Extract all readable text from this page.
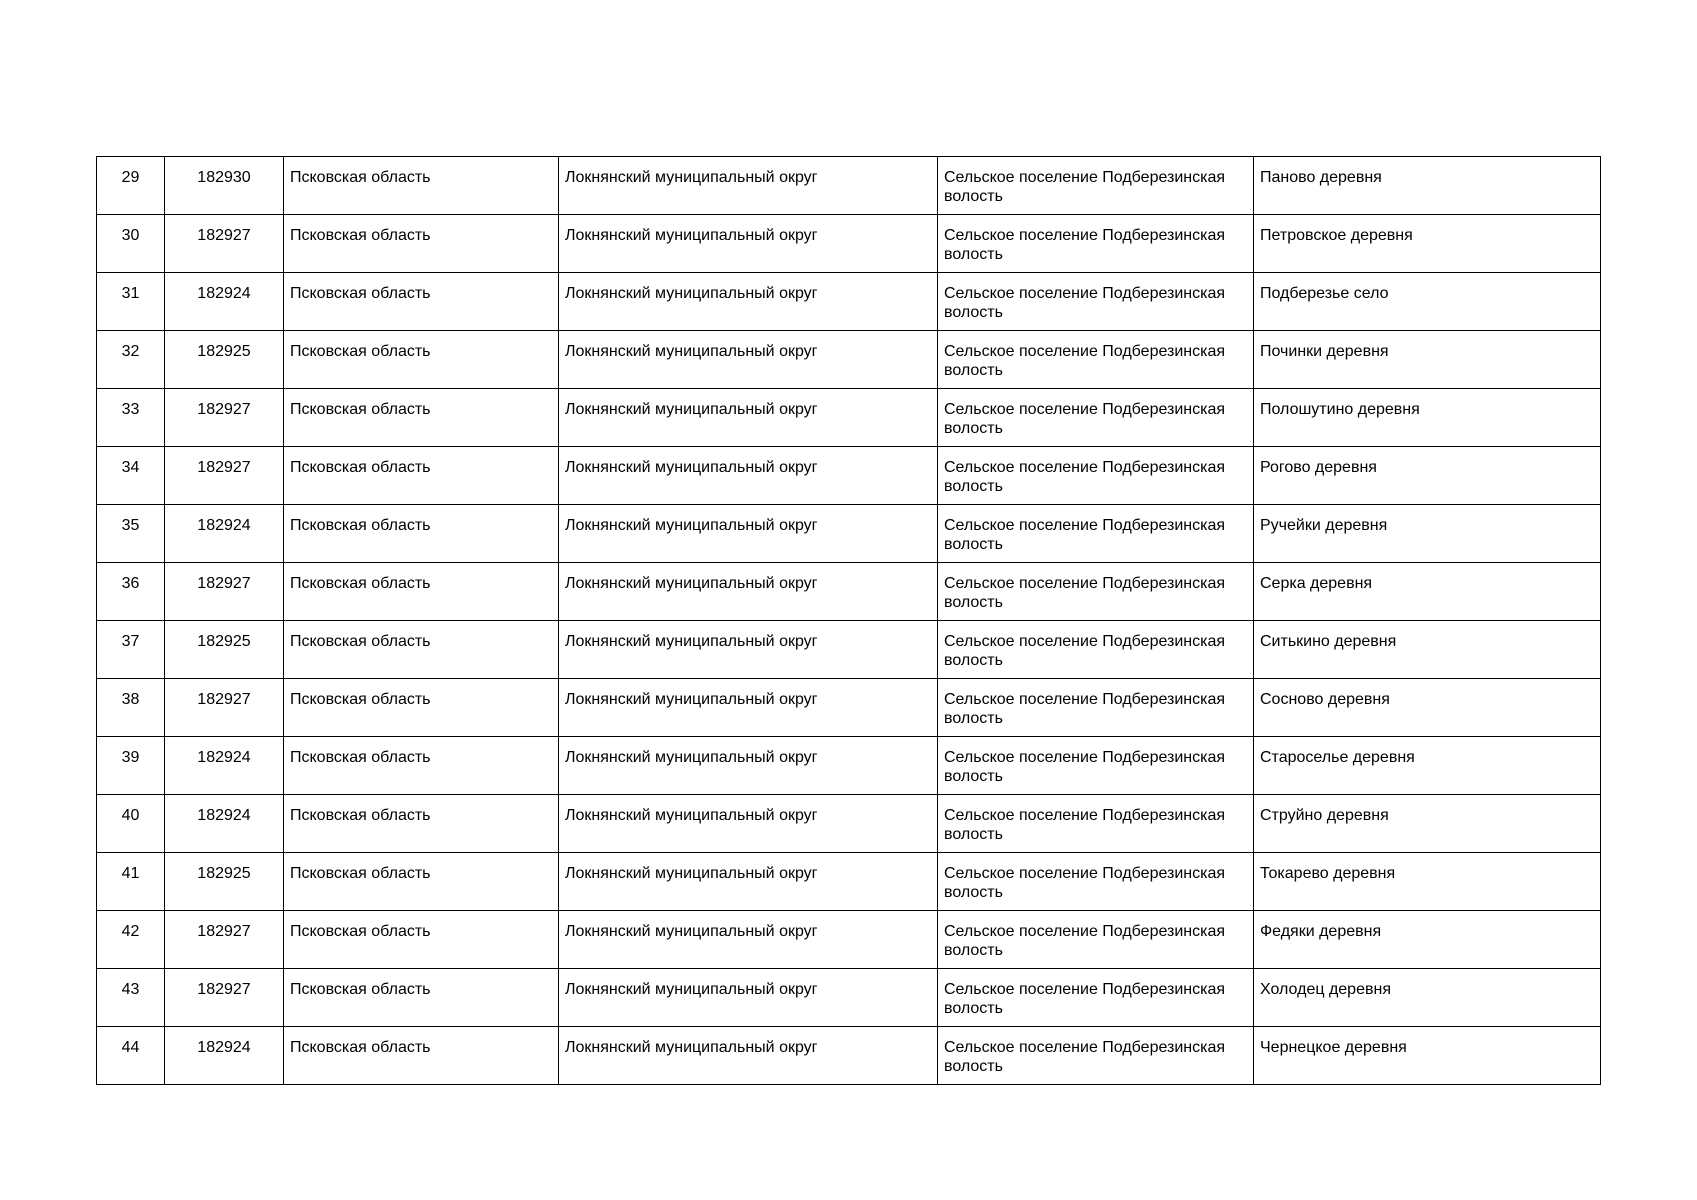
29	182930	Псковская область	Локнянский муниципальный округ	Сельское поселение Подберезинская волость	Паново деревня
30	182927	Псковская область	Локнянский муниципальный округ	Сельское поселение Подберезинская волость	Петровское деревня
31	182924	Псковская область	Локнянский муниципальный округ	Сельское поселение Подберезинская волость	Подберезье село
32	182925	Псковская область	Локнянский муниципальный округ	Сельское поселение Подберезинская волость	Починки деревня
33	182927	Псковская область	Локнянский муниципальный округ	Сельское поселение Подберезинская волость	Полошутино деревня
34	182927	Псковская область	Локнянский муниципальный округ	Сельское поселение Подберезинская волость	Рогово деревня
35	182924	Псковская область	Локнянский муниципальный округ	Сельское поселение Подберезинская волость	Ручейки деревня
36	182927	Псковская область	Локнянский муниципальный округ	Сельское поселение Подберезинская волость	Серка деревня
37	182925	Псковская область	Локнянский муниципальный округ	Сельское поселение Подберезинская волость	Ситькино деревня
38	182927	Псковская область	Локнянский муниципальный округ	Сельское поселение Подберезинская волость	Сосново деревня
39	182924	Псковская область	Локнянский муниципальный округ	Сельское поселение Подберезинская волость	Староселье деревня
40	182924	Псковская область	Локнянский муниципальный округ	Сельское поселение Подберезинская волость	Струйно деревня
41	182925	Псковская область	Локнянский муниципальный округ	Сельское поселение Подберезинская волость	Токарево деревня
42	182927	Псковская область	Локнянский муниципальный округ	Сельское поселение Подберезинская волость	Федяки деревня
43	182927	Псковская область	Локнянский муниципальный округ	Сельское поселение Подберезинская волость	Холодец деревня
44	182924	Псковская область	Локнянский муниципальный округ	Сельское поселение Подберезинская волость	Чернецкое деревня
